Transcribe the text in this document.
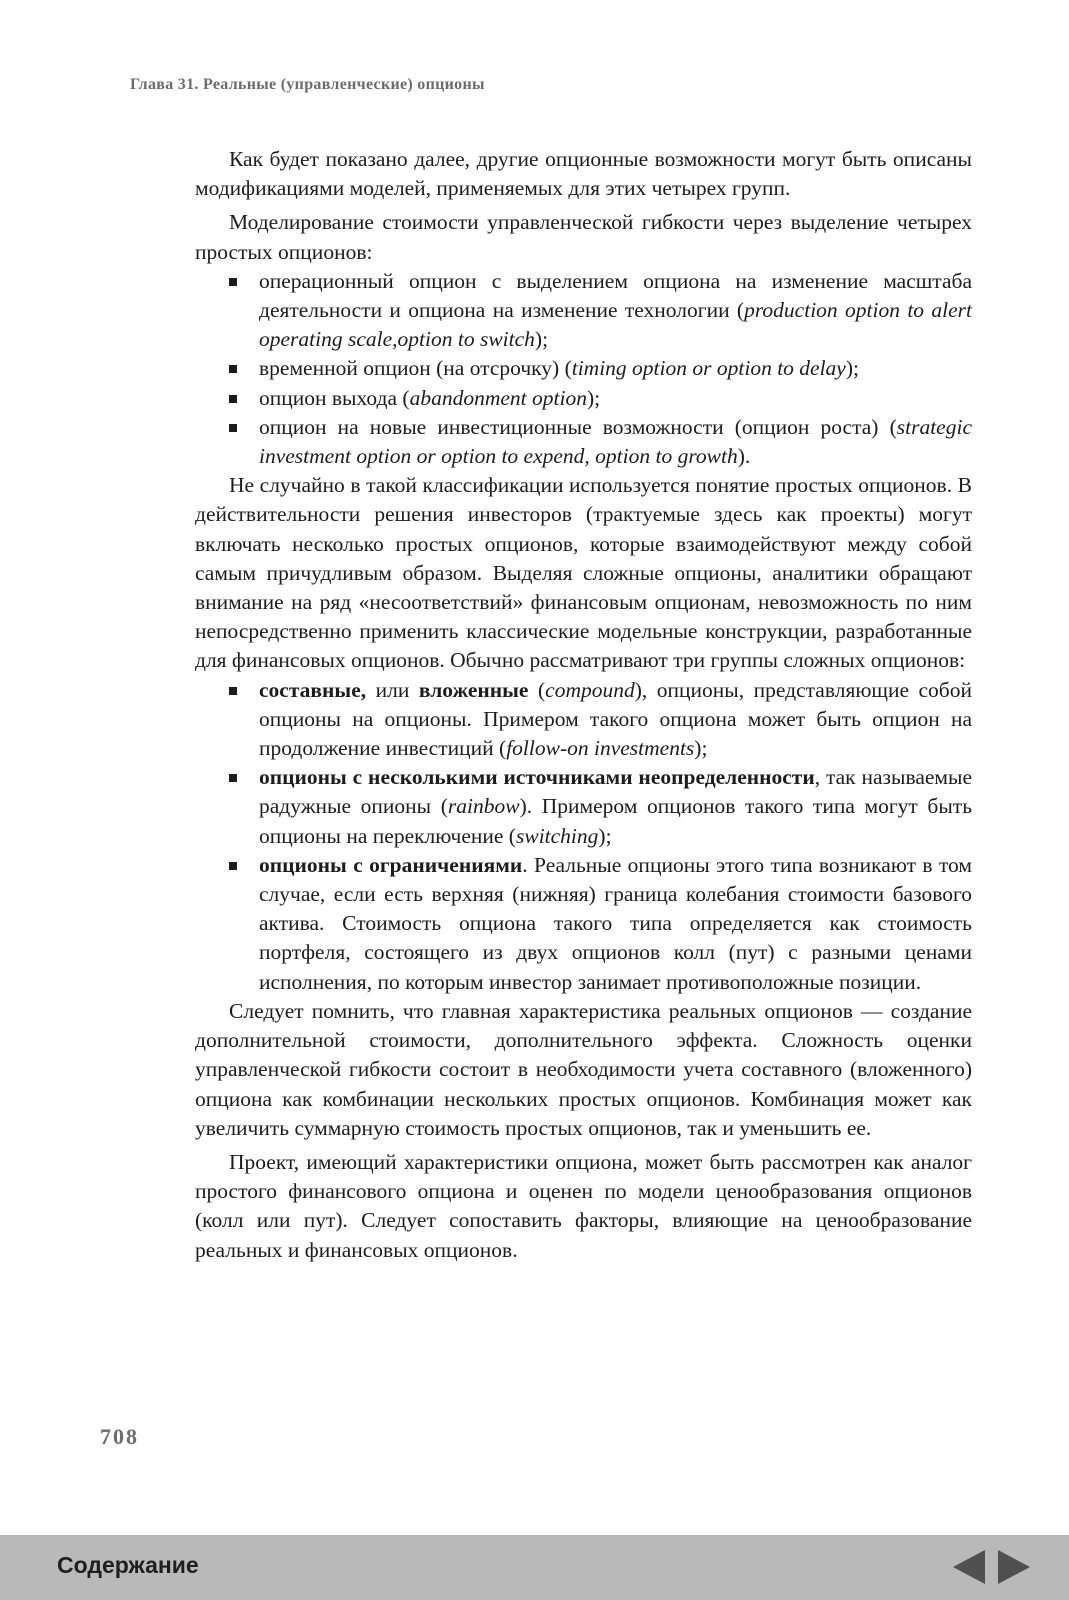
Глава 31. Реальные (управленческие) опционы

Как будет показано далее, другие опционные возможности могут быть описаны модификациями моделей, применяемых для этих четырех групп.

Моделирование стоимости управленческой гибкости через выделение четырех простых опционов:

операционный опцион с выделением опциона на изменение масштаба деятельности и опциона на изменение технологии (production option to alert operating scale,option to switch);
временной опцион (на отсрочку) (timing option or option to delay);
опцион выхода (abandonment option);
опцион на новые инвестиционные возможности (опцион роста) (strategic investment option or option to expend, option to growth).

Не случайно в такой классификации используется понятие простых опционов. В действительности решения инвесторов (трактуемые здесь как проекты) могут включать несколько простых опционов, которые взаимодействуют между собой самым причудливым образом. Выделяя сложные опционы, аналитики обращают внимание на ряд «несоответствий» финансовым опционам, невозможность по ним непосредственно применить классические модельные конструкции, разработанные для финансовых опционов. Обычно рассматривают три группы сложных опционов:

составные, или вложенные (compound), опционы, представляющие собой опционы на опционы. Примером такого опциона может быть опцион на продолжение инвестиций (follow-on investments);
опционы с несколькими источниками неопределенности, так называемые радужные опионы (rainbow). Примером опционов такого типа могут быть опционы на переключение (switching);
опционы с ограничениями. Реальные опционы этого типа возникают в том случае, если есть верхняя (нижняя) граница колебания стоимости базового актива. Стоимость опциона такого типа определяется как стоимость портфеля, состоящего из двух опционов колл (пут) с разными ценами исполнения, по которым инвестор занимает противоположные позиции.

Следует помнить, что главная характеристика реальных опционов — создание дополнительной стоимости, дополнительного эффекта. Сложность оценки управленческой гибкости состоит в необходимости учета составного (вложенного) опциона как комбинации нескольких простых опционов. Комбинация может как увеличить суммарную стоимость простых опционов, так и уменьшить ее.

Проект, имеющий характеристики опциона, может быть рассмотрен как аналог простого финансового опциона и оценен по модели ценообразования опционов (колл или пут). Следует сопоставить факторы, влияющие на ценообразование реальных и финансовых опционов.

708
Содержание
